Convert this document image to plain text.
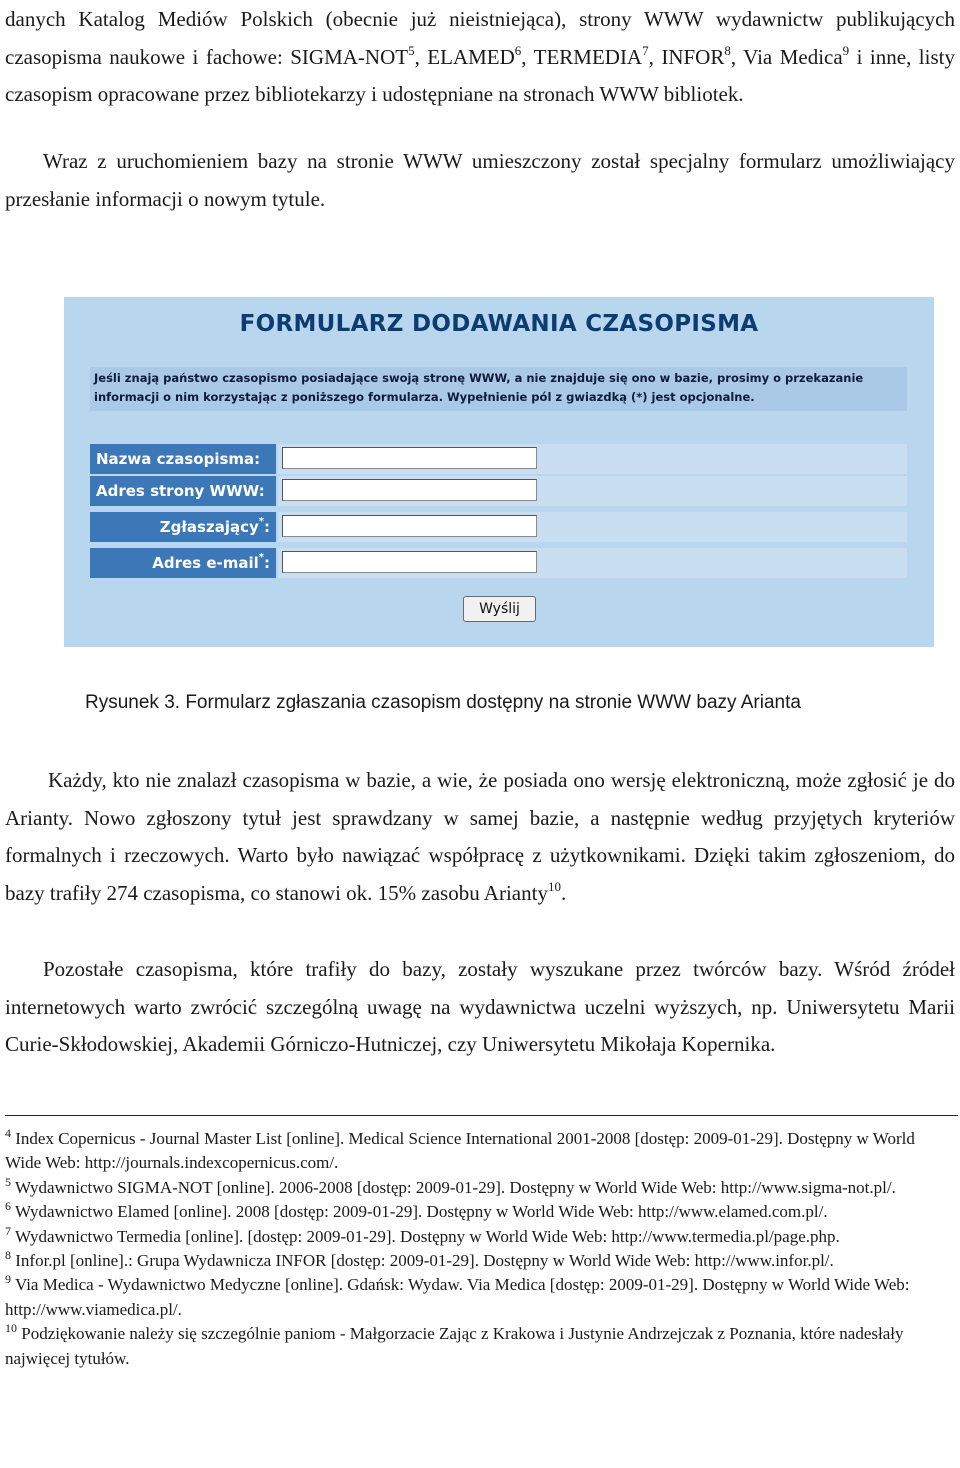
danych Katalog Mediów Polskich (obecnie już nieistniejąca), strony WWW wydawnictw publikujących czasopisma naukowe i fachowe: SIGMA-NOT$^5$, ELAMED$^6$, TERMEDIA$^7$, INFOR$^8$, Via Medica$^9$ i inne, listy czasopism opracowane przez bibliotekarzy i udostępniane na stronach WWW bibliotek.

Wraz z uruchomieniem bazy na stronie WWW umieszczony został specjalny formularz umożliwiający przesłanie informacji o nowym tytule.

FORMULARZ DODAWANIA CZASOPISMA
Jeśli znają państwo czasopismo posiadające swoją stronę WWW, a nie znajduje się ono w bazie, prosimy o przekazanie informacji o nim korzystając z poniższego formularza. Wypełnienie pól z gwiazdką (*) jest opcjonalne.
Nazwa czasopisma:
Adres strony WWW:
Zgłaszający*:
Adres e-mail*:
Wyślij
Rysunek 3. Formularz zgłaszania czasopism dostępny na stronie WWW bazy Arianta

Każdy, kto nie znalazł czasopisma w bazie, a wie, że posiada ono wersję elektroniczną, może zgłosić je do Arianty. Nowo zgłoszony tytuł jest sprawdzany w samej bazie, a następnie według przyjętych kryteriów formalnych i rzeczowych. Warto było nawiązać współpracę z użytkownikami. Dzięki takim zgłoszeniom, do bazy trafiły 274 czasopisma, co stanowi ok. 15% zasobu Arianty$^{10}$.

Pozostałe czasopisma, które trafiły do bazy, zostały wyszukane przez twórców bazy. Wśród źródeł internetowych warto zwrócić szczególną uwagę na wydawnictwa uczelni wyższych, np. Uniwersytetu Marii Curie-Skłodowskiej, Akademii Górniczo-Hutniczej, czy Uniwersytetu Mikołaja Kopernika.

$^4$ Index Copernicus - Journal Master List [online]. Medical Science International 2001-2008 [dostęp: 2009-01-29]. Dostępny w World Wide Web: http://journals.indexcopernicus.com/.

$^5$ Wydawnictwo SIGMA-NOT [online]. 2006-2008 [dostęp: 2009-01-29]. Dostępny w World Wide Web: http://www.sigma-not.pl/.

$^6$ Wydawnictwo Elamed [online]. 2008 [dostęp: 2009-01-29]. Dostępny w World Wide Web: http://www.elamed.com.pl/.

$^7$ Wydawnictwo Termedia [online]. [dostęp: 2009-01-29]. Dostępny w World Wide Web: http://www.termedia.pl/page.php.

$^8$ Infor.pl [online].: Grupa Wydawnicza INFOR [dostęp: 2009-01-29]. Dostępny w World Wide Web: http://www.infor.pl/.

$^9$ Via Medica - Wydawnictwo Medyczne [online]. Gdańsk: Wydaw. Via Medica [dostęp: 2009-01-29]. Dostępny w World Wide Web: http://www.viamedica.pl/.

$^{10}$ Podziękowanie należy się szczególnie paniom - Małgorzacie Zając z Krakowa i Justynie Andrzejczak z Poznania, które nadesłały najwięcej tytułów.
